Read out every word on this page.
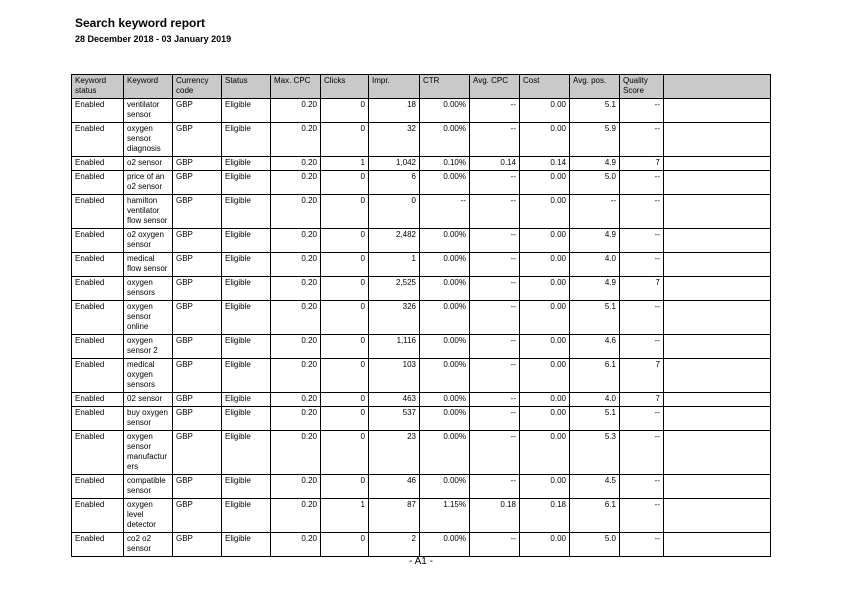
Search keyword report
28 December 2018 - 03 January 2019
Keyword status	Keyword	Currency code	Status	Max. CPC	Clicks	Impr.	CTR	Avg. CPC	Cost	Avg. pos.	Quality Score	
Enabled	ventilator sensor	GBP	Eligible	0.20	0	18	0.00%	--	0.00	5.1	--	
Enabled	oxygen sensor diagnosis	GBP	Eligible	0.20	0	32	0.00%	--	0.00	5.9	--	
Enabled	o2 sensor	GBP	Eligible	0.20	1	1,042	0.10%	0.14	0.14	4.9	7	
Enabled	price of an o2 sensor	GBP	Eligible	0.20	0	6	0.00%	--	0.00	5.0	--	
Enabled	hamilton ventilator flow sensor	GBP	Eligible	0.20	0	0	--	--	0.00	--	--	
Enabled	o2 oxygen sensor	GBP	Eligible	0.20	0	2,482	0.00%	--	0.00	4.9	--	
Enabled	medical flow sensor	GBP	Eligible	0.20	0	1	0.00%	--	0.00	4.0	--	
Enabled	oxygen sensors	GBP	Eligible	0.20	0	2,525	0.00%	--	0.00	4.9	7	
Enabled	oxygen sensor online	GBP	Eligible	0.20	0	326	0.00%	--	0.00	5.1	--	
Enabled	oxygen sensor 2	GBP	Eligible	0.20	0	1,116	0.00%	--	0.00	4.6	--	
Enabled	medical oxygen sensors	GBP	Eligible	0.20	0	103	0.00%	--	0.00	6.1	7	
Enabled	02 sensor	GBP	Eligible	0.20	0	463	0.00%	--	0.00	4.0	7	
Enabled	buy oxygen sensor	GBP	Eligible	0.20	0	537	0.00%	--	0.00	5.1	--	
Enabled	oxygen sensor manufacturers	GBP	Eligible	0.20	0	23	0.00%	--	0.00	5.3	--	
Enabled	compatible sensor	GBP	Eligible	0.20	0	46	0.00%	--	0.00	4.5	--	
Enabled	oxygen level detector	GBP	Eligible	0.20	1	87	1.15%	0.18	0.18	6.1	--	
Enabled	co2 o2 sensor	GBP	Eligible	0.20	0	2	0.00%	--	0.00	5.0	--	
- A1 -
